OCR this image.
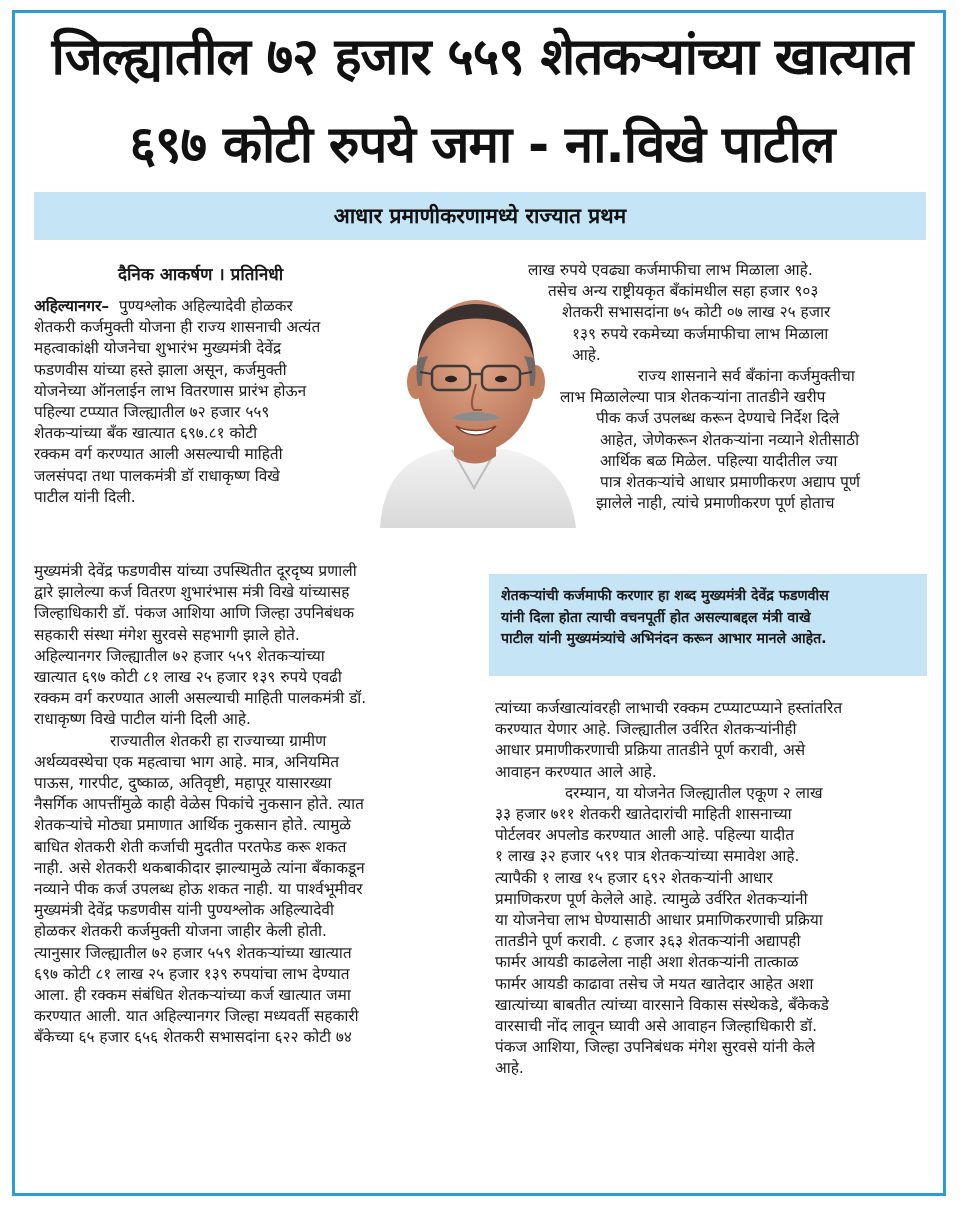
जिल्ह्यातील ७२ हजार ५५९ शेतकऱ्यांच्या खात्यात
६९७ कोटी रुपये जमा - ना.विखे पाटील
आधार प्रमाणीकरणामध्ये राज्यात प्रथम
दैनिक आकर्षण । प्रतिनिधी
अहिल्यानगर– पुण्यश्लोक अहिल्यादेवी होळकर
शेतकरी कर्जमुक्ती योजना ही राज्य शासनाची अत्यंत
महत्वाकांक्षी योजनेचा शुभारंभ मुख्यमंत्री देवेंद्र
फडणवीस यांच्या हस्ते झाला असून, कर्जमुक्ती
योजनेच्या ऑनलाईन लाभ वितरणास प्रारंभ होऊन
पहिल्या टप्प्यात जिल्ह्यातील ७२ हजार ५५९
शेतकऱ्यांच्या बँक खात्यात ६९७.८१ कोटी
रक्कम वर्ग करण्यात आली असल्याची माहिती
जलसंपदा तथा पालकमंत्री डॉ राधाकृष्ण विखे
पाटील यांनी दिली.
मुख्यमंत्री देवेंद्र फडणवीस यांच्या उपस्थितीत दूरदृष्य प्रणाली
द्वारे झालेल्या कर्ज वितरण शुभारंभास मंत्री विखे यांच्यासह
जिल्हाधिकारी डॉ. पंकज आशिया आणि जिल्हा उपनिबंधक
सहकारी संस्था मंगेश सुरवसे सहभागी झाले होते.
अहिल्यानगर जिल्ह्यातील ७२ हजार ५५९ शेतकऱ्यांच्या
खात्यात ६९७ कोटी ८१ लाख २५ हजार १३९ रुपये एवढी
रक्कम वर्ग करण्यात आली असल्याची माहिती पालकमंत्री डॉ.
राधाकृष्ण विखे पाटील यांनी दिली आहे.
राज्यातील शेतकरी हा राज्याच्या ग्रामीण
अर्थव्यवस्थेचा एक महत्वाचा भाग आहे. मात्र, अनियमित
पाऊस, गारपीट, दुष्काळ, अतिवृष्टी, महापूर यासारख्या
नैसर्गिक आपत्तींमुळे काही वेळेस पिकांचे नुकसान होते. त्यात
शेतकऱ्यांचे मोठ्या प्रमाणात आर्थिक नुकसान होते. त्यामुळे
बाधित शेतकरी शेती कर्जाची मुदतीत परतफेड करू शकत
नाही. असे शेतकरी थकबाकीदार झाल्यामुळे त्यांना बँकाकडून
नव्याने पीक कर्ज उपलब्ध होऊ शकत नाही. या पार्श्वभूमीवर
मुख्यमंत्री देवेंद्र फडणवीस यांनी पुण्यश्लोक अहिल्यादेवी
होळकर शेतकरी कर्जमुक्ती योजना जाहीर केली होती.
त्यानुसार जिल्ह्यातील ७२ हजार ५५९ शेतकऱ्यांच्या खात्यात
६९७ कोटी ८१ लाख २५ हजार १३९ रुपयांचा लाभ देण्यात
आला. ही रक्कम संबंधित शेतकऱ्यांच्या कर्ज खात्यात जमा
करण्यात आली. यात अहिल्यानगर जिल्हा मध्यवर्ती सहकारी
बँकेच्या ६५ हजार ६५६ शेतकरी सभासदांना ६२२ कोटी ७४
लाख रुपये एवढ्या कर्जमाफीचा लाभ मिळाला आहे.
तसेच अन्य राष्ट्रीयकृत बँकांमधील सहा हजार ९०३
शेतकरी सभासदांना ७५ कोटी ०७ लाख २५ हजार
१३९ रुपये रकमेच्या कर्जमाफीचा लाभ मिळाला
आहे.
राज्य शासनाने सर्व बँकांना कर्जमुक्तीचा
लाभ मिळालेल्या पात्र शेतकऱ्यांना तातडीने खरीप
पीक कर्ज उपलब्ध करून देण्याचे निर्देश दिले
आहेत, जेणेकरून शेतकऱ्यांना नव्याने शेतीसाठी
आर्थिक बळ मिळेल. पहिल्या यादीतील ज्या
पात्र शेतकऱ्यांचे आधार प्रमाणीकरण अद्याप पूर्ण
झालेले नाही, त्यांचे प्रमाणीकरण पूर्ण होताच
शेतकऱ्यांची कर्जमाफी करणार हा शब्द मुख्यमंत्री देवेंद्र फडणवीस
यांनी दिला होता त्याची वचनपूर्ती होत असल्याबद्दल मंत्री वाखे
पाटील यांनी मुख्यमंत्र्यांचे अभिनंदन करून आभार मानले आहेत.
त्यांच्या कर्जखात्यांवरही लाभाची रक्कम टप्प्याटप्प्याने हस्तांतरित
करण्यात येणार आहे. जिल्ह्यातील उर्वरित शेतकऱ्यांनीही
आधार प्रमाणीकरणाची प्रक्रिया तातडीने पूर्ण करावी, असे
आवाहन करण्यात आले आहे.
दरम्यान, या योजनेत जिल्ह्यातील एकूण २ लाख
३३ हजार ७११ शेतकरी खातेदारांची माहिती शासनाच्या
पोर्टलवर अपलोड करण्यात आली आहे. पहिल्या यादीत
१ लाख ३२ हजार ५९१ पात्र शेतकऱ्यांच्या समावेश आहे.
त्यापैकी १ लाख १५ हजार ६९२ शेतकऱ्यांनी आधार
प्रमाणिकरण पूर्ण केलेले आहे. त्यामुळे उर्वरित शेतकऱ्यांनी
या योजनेचा लाभ घेण्यासाठी आधार प्रमाणिकरणाची प्रक्रिया
तातडीने पूर्ण करावी. ८ हजार ३६३ शेतकऱ्यांनी अद्यापही
फार्मर आयडी काढलेला नाही अशा शेतकऱ्यांनी तात्काळ
फार्मर आयडी काढावा तसेच जे मयत खातेदार आहेत अशा
खात्यांच्या बाबतीत त्यांच्या वारसाने विकास संस्थेकडे, बँकेकडे
वारसाची नोंद लावून घ्यावी असे आवाहन जिल्हाधिकारी डॉ.
पंकज आशिया, जिल्हा उपनिबंधक मंगेश सुरवसे यांनी केले
आहे.
